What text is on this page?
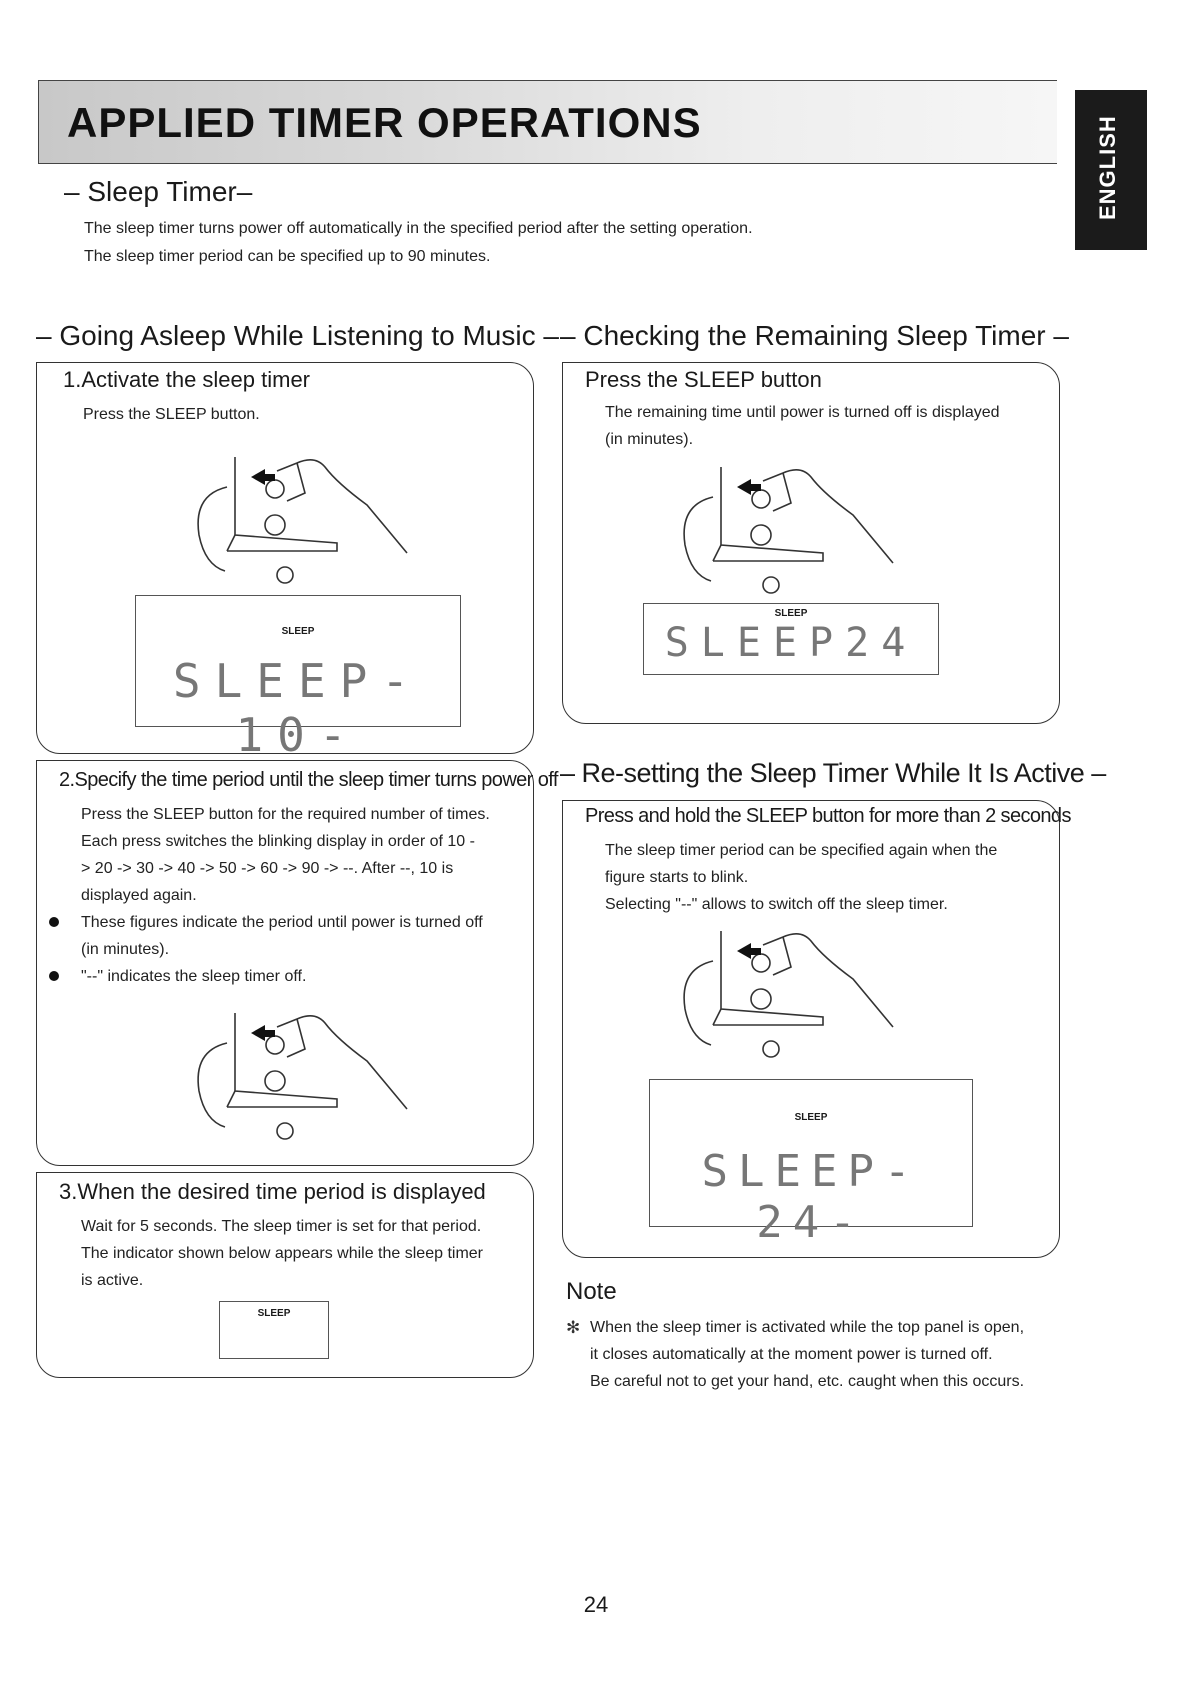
APPLIED TIMER OPERATIONS	ENGLISH
– Sleep Timer–
The sleep timer turns power off automatically in the specified period after the setting operation.
The sleep timer period can be specified up to 90 minutes.
– Going Asleep While Listening to Music – – Checking the Remaining Sleep Timer –
1.Activate the sleep timer
Press the SLEEP button.
SLEEP
SLEEP-10-
2.Specify the time period until the sleep timer turns power off
Press the SLEEP button for the required number of times.
Each press switches the blinking display in order of 10 -
> 20 -> 30 -> 40 -> 50 -> 60 -> 90 -> --. After --, 10 is
displayed again.
These figures indicate the period until power is turned off
(in minutes).
"--" indicates the sleep timer off.
3.When the desired time period is displayed
Wait for 5 seconds. The sleep timer is set for that period.
The indicator shown below appears while the sleep timer
is active.
SLEEP
Press the SLEEP button
The remaining time until power is turned off is displayed
(in minutes).
SLEEP
SLEEP24
– Re-setting the Sleep Timer While It Is Active –
Press and hold the SLEEP button for more than 2 seconds
The sleep timer period can be specified again when the
figure starts to blink.
Selecting "--" allows to switch off the sleep timer.
SLEEP
SLEEP-24-
Note
✻ When the sleep timer is activated while the top panel is open,
it closes automatically at the moment power is turned off.
Be careful not to get your hand, etc. caught when this occurs.
24
